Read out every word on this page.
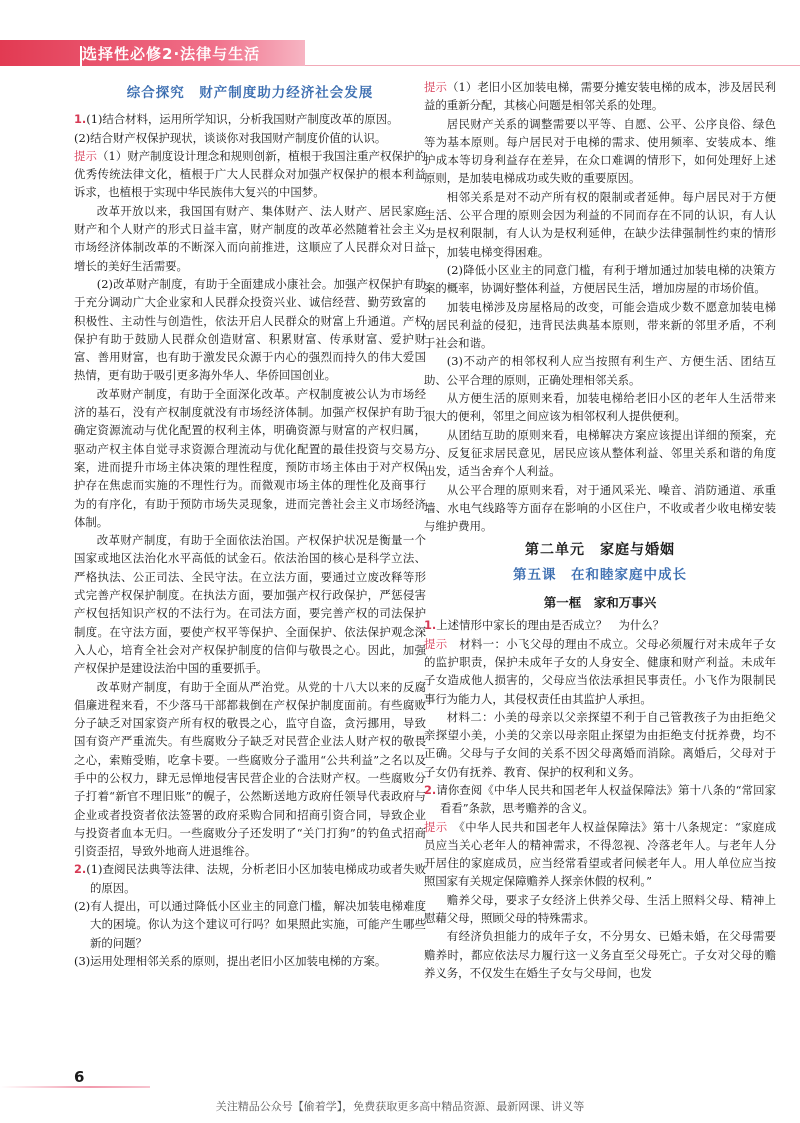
选择性必修2·法律与生活
综合探究　财产制度助力经济社会发展

1.(1)结合材料，运用所学知识，分析我国财产制度改革的原因。

(2)结合财产权保护现状，谈谈你对我国财产制度价值的认识。

提示（1）财产制度设计理念和规则创新，植根于我国注重产权保护的优秀传统法律文化，植根于广大人民群众对加强产权保护的根本利益诉求，也植根于实现中华民族伟大复兴的中国梦。

改革开放以来，我国国有财产、集体财产、法人财产、居民家庭财产和个人财产的形式日益丰富，财产制度的改革必然随着社会主义市场经济体制改革的不断深入而向前推进，这顺应了人民群众对日益增长的美好生活需要。

(2)改革财产制度，有助于全面建成小康社会。加强产权保护有助于充分调动广大企业家和人民群众投资兴业、诚信经营、勤劳致富的积极性、主动性与创造性，依法开启人民群众的财富上升通道。产权保护有助于鼓励人民群众创造财富、积累财富、传承财富、爱护财富、善用财富，也有助于激发民众源于内心的强烈而持久的伟大爱国热情，更有助于吸引更多海外华人、华侨回国创业。

改革财产制度，有助于全面深化改革。产权制度被公认为市场经济的基石，没有产权制度就没有市场经济体制。加强产权保护有助于确定资源流动与优化配置的权利主体，明确资源与财富的产权归属，驱动产权主体自觉寻求资源合理流动与优化配置的最佳投资与交易方案，进而提升市场主体决策的理性程度，预防市场主体由于对产权保护存在焦虑而实施的不理性行为。而微观市场主体的理性化及商事行为的有序化，有助于预防市场失灵现象，进而完善社会主义市场经济体制。

改革财产制度，有助于全面依法治国。产权保护状况是衡量一个国家或地区法治化水平高低的试金石。依法治国的核心是科学立法、严格执法、公正司法、全民守法。在立法方面，要通过立废改释等形式完善产权保护制度。在执法方面，要加强产权行政保护，严惩侵害产权包括知识产权的不法行为。在司法方面，要完善产权的司法保护制度。在守法方面，要使产权平等保护、全面保护、依法保护观念深入人心，培育全社会对产权保护制度的信仰与敬畏之心。因此，加强产权保护是建设法治中国的重要抓手。

改革财产制度，有助于全面从严治党。从党的十八大以来的反腐倡廉进程来看，不少落马干部都栽倒在产权保护制度面前。有些腐败分子缺乏对国家资产所有权的敬畏之心，监守自盗，贪污挪用，导致国有资产严重流失。有些腐败分子缺乏对民营企业法人财产权的敬畏之心，索贿受贿，吃拿卡要。一些腐败分子滥用“公共利益”之名以及手中的公权力，肆无忌惮地侵害民营企业的合法财产权。一些腐败分子打着“新官不理旧账”的幌子，公然断送地方政府任领导代表政府与企业或者投资者依法签署的政府采购合同和招商引资合同，导致企业与投资者血本无归。一些腐败分子还发明了“关门打狗”的钓鱼式招商引资歪招，导致外地商人进退维谷。

2.(1)查阅民法典等法律、法规，分析老旧小区加装电梯成功或者失败的原因。

(2)有人提出，可以通过降低小区业主的同意门槛，解决加装电梯难度大的困境。你认为这个建议可行吗？如果照此实施，可能产生哪些新的问题？

(3)运用处理相邻关系的原则，提出老旧小区加装电梯的方案。

提示（1）老旧小区加装电梯，需要分摊安装电梯的成本，涉及居民利益的重新分配，其核心问题是相邻关系的处理。

居民财产关系的调整需要以平等、自愿、公平、公序良俗、绿色等为基本原则。每户居民对于电梯的需求、使用频率、安装成本、维护成本等切身利益存在差异，在众口难调的情形下，如何处理好上述原则，是加装电梯成功或失败的重要原因。

相邻关系是对不动产所有权的限制或者延伸。每户居民对于方便生活、公平合理的原则会因为利益的不同而存在不同的认识，有人认为是权利限制，有人认为是权利延伸，在缺少法律强制性约束的情形下，加装电梯变得困难。

(2)降低小区业主的同意门槛，有利于增加通过加装电梯的决策方案的概率，协调好整体利益，方便居民生活，增加房屋的市场价值。

加装电梯涉及房屋格局的改变，可能会造成少数不愿意加装电梯的居民利益的侵犯，违背民法典基本原则，带来新的邻里矛盾，不利于社会和谐。

(3)不动产的相邻权利人应当按照有利生产、方便生活、团结互助、公平合理的原则，正确处理相邻关系。

从方便生活的原则来看，加装电梯给老旧小区的老年人生活带来很大的便利，邻里之间应该为相邻权利人提供便利。

从团结互助的原则来看，电梯解决方案应该提出详细的预案，充分、反复征求居民意见，居民应该从整体利益、邻里关系和谐的角度出发，适当舍弃个人利益。

从公平合理的原则来看，对于通风采光、噪音、消防通道、承重墙、水电气线路等方面存在影响的小区住户，不收或者少收电梯安装与维护费用。

第二单元　家庭与婚姻
第五课　在和睦家庭中成长
第一框　家和万事兴

1.上述情形中家长的理由是否成立？　为什么？

提示　 材料一：小飞父母的理由不成立。父母必须履行对未成年子女的监护职责，保护未成年子女的人身安全、健康和财产利益。未成年子女造成他人损害的，父母应当依法承担民事责任。小飞作为限制民事行为能力人，其侵权责任由其监护人承担。

材料二：小美的母亲以父亲探望不利于自己管教孩子为由拒绝父亲探望小美，小美的父亲以母亲阻止探望为由拒绝支付抚养费，均不正确。父母与子女间的关系不因父母离婚而消除。离婚后，父母对于子女仍有抚养、教育、保护的权利和义务。

2.请你查阅《中华人民共和国老年人权益保障法》第十八条的“常回家看看”条款，思考赡养的含义。

提示　 《中华人民共和国老年人权益保障法》第十八条规定：“家庭成员应当关心老年人的精神需求，不得忽视、冷落老年人。与老年人分开居住的家庭成员，应当经常看望或者问候老年人。用人单位应当按照国家有关规定保障赡养人探亲休假的权利。”

赡养父母，要求子女经济上供养父母、生活上照料父母、精神上慰藉父母，照顾父母的特殊需求。

有经济负担能力的成年子女，不分男女、已婚未婚，在父母需要赡养时，都应依法尽力履行这一义务直至父母死亡。子女对父母的赡养义务，不仅发生在婚生子女与父母间，也发

6
关注精品公众号【偷着学】，免费获取更多高中精品资源、最新网课、讲义等
